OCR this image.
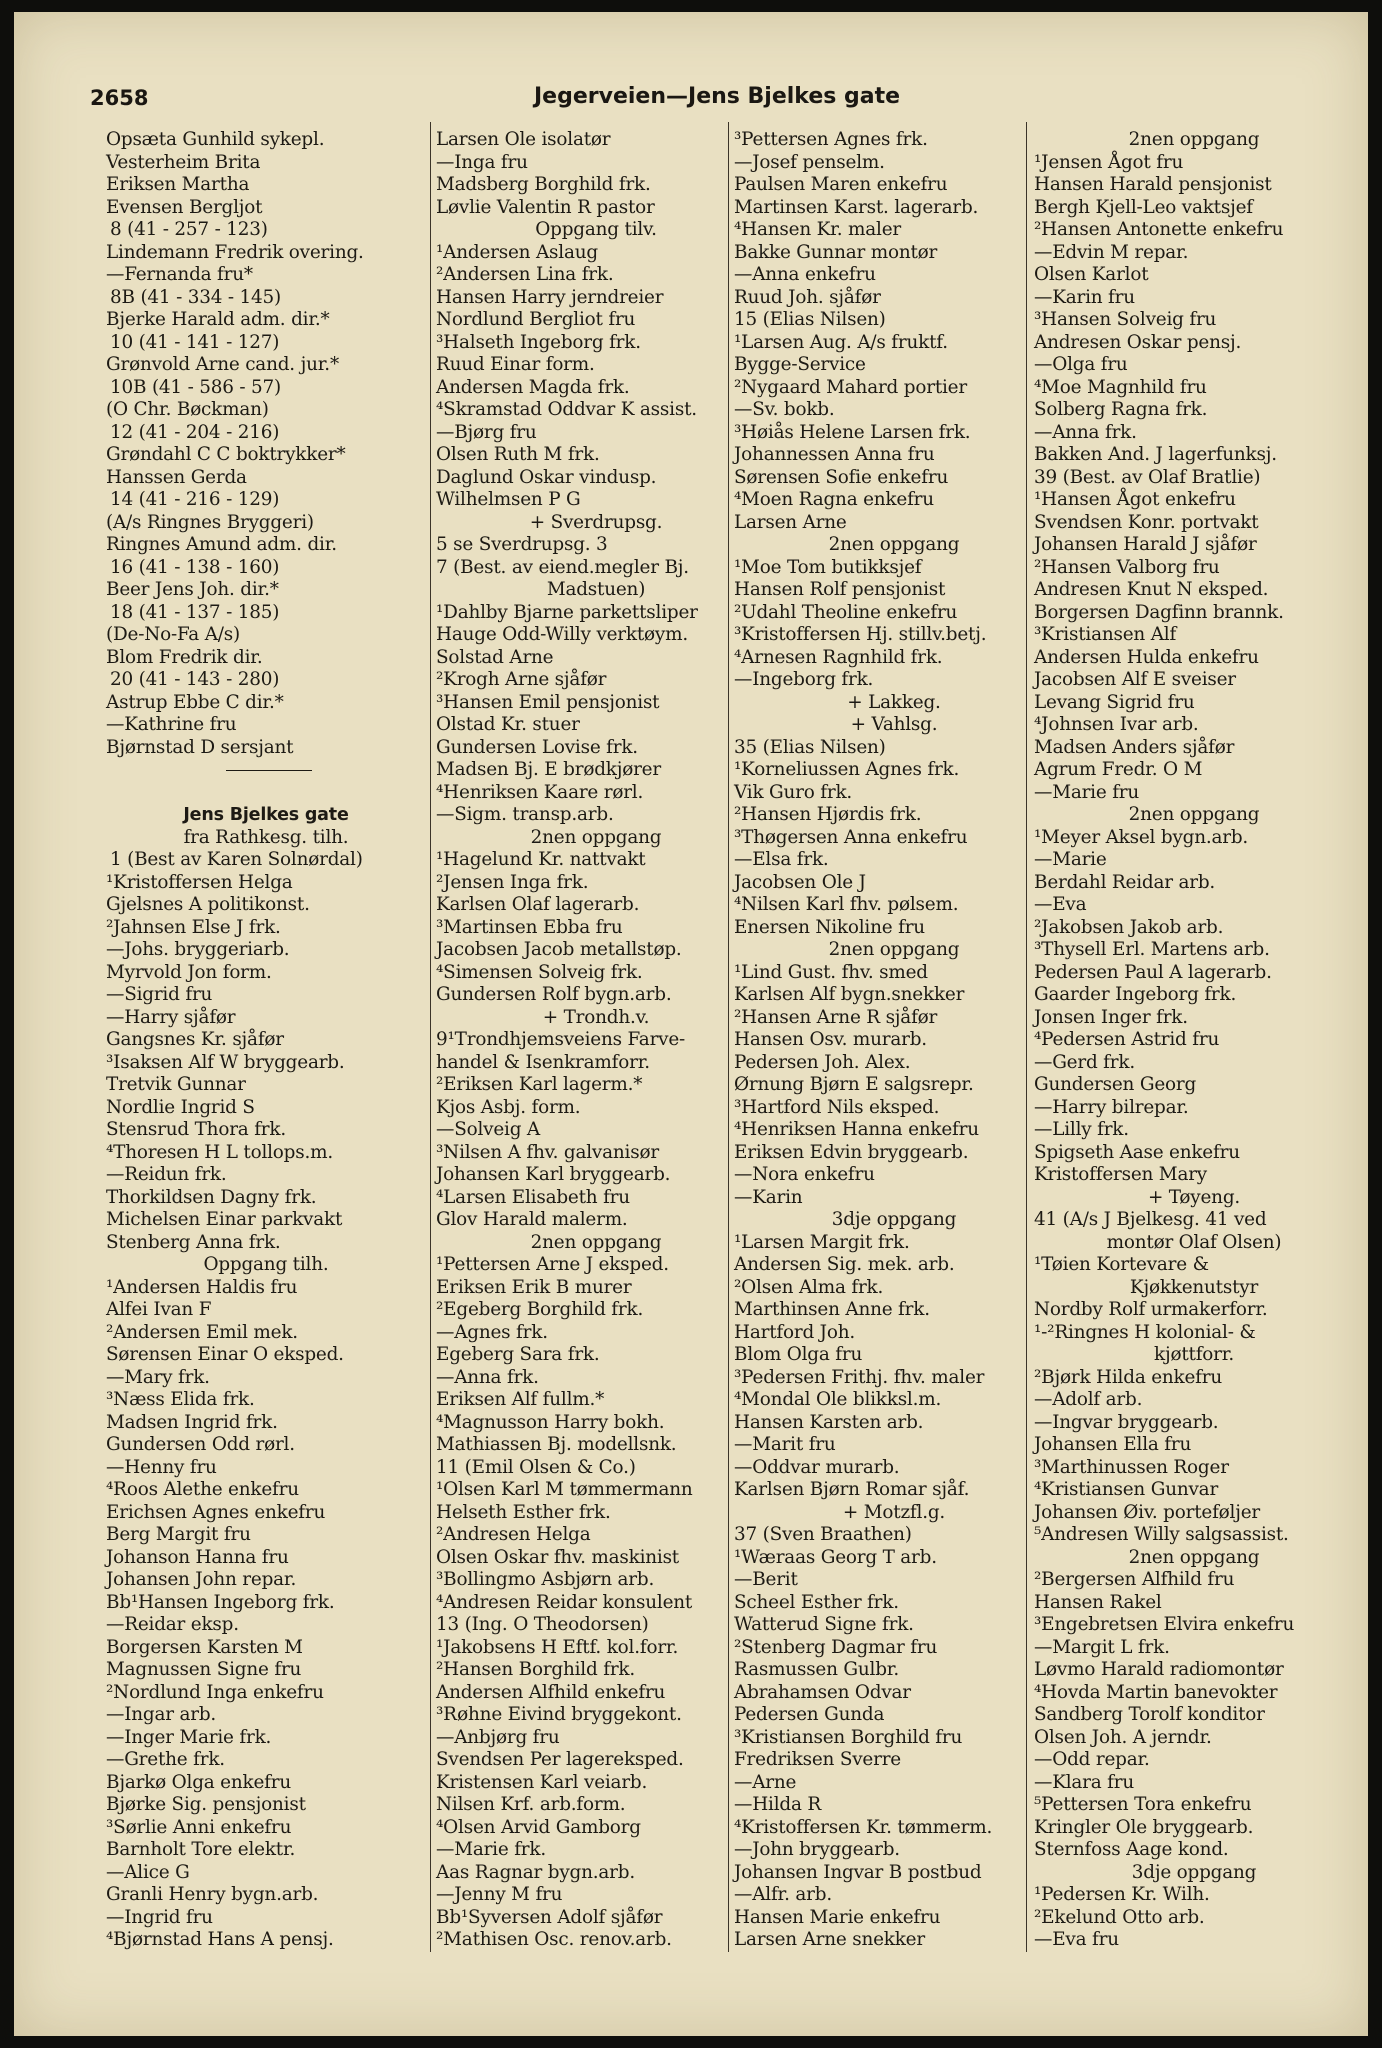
2658	Jegerveien—Jens Bjelkes gate
Opsæta Gunhild sykepl.
Vesterheim Brita
Eriksen Martha
Evensen Bergljot
8 (41 - 257 - 123)
Lindemann Fredrik overing.
—Fernanda fru*
8B (41 - 334 - 145)
Bjerke Harald adm. dir.*
10 (41 - 141 - 127)
Grønvold Arne cand. jur.*
10B (41 - 586 - 57)
(O Chr. Bøckman)
12 (41 - 204 - 216)
Grøndahl C C boktrykker*
Hanssen Gerda
14 (41 - 216 - 129)
(A/s Ringnes Bryggeri)
Ringnes Amund adm. dir.
16 (41 - 138 - 160)
Beer Jens Joh. dir.*
18 (41 - 137 - 185)
(De-No-Fa A/s)
Blom Fredrik dir.
20 (41 - 143 - 280)
Astrup Ebbe C dir.*
—Kathrine fru
Bjørnstad D sersjant
Jens Bjelkes gate
fra Rathkesg. tilh.
1 (Best av Karen Solnørdal)
¹Kristoffersen Helga
Gjelsnes A politikonst.
²Jahnsen Else J frk.
—Johs. bryggeriarb.
Myrvold Jon form.
—Sigrid fru
—Harry sjåfør
Gangsnes Kr. sjåfør
³Isaksen Alf W bryggearb.
Tretvik Gunnar
Nordlie Ingrid S
Stensrud Thora frk.
⁴Thoresen H L tollops.m.
—Reidun frk.
Thorkildsen Dagny frk.
Michelsen Einar parkvakt
Stenberg Anna frk.
Oppgang tilh.
¹Andersen Haldis fru
Alfei Ivan F
²Andersen Emil mek.
Sørensen Einar O eksped.
—Mary frk.
³Næss Elida frk.
Madsen Ingrid frk.
Gundersen Odd rørl.
—Henny fru
⁴Roos Alethe enkefru
Erichsen Agnes enkefru
Berg Margit fru
Johanson Hanna fru
Johansen John repar.
Bb¹Hansen Ingeborg frk.
—Reidar eksp.
Borgersen Karsten M
Magnussen Signe fru
²Nordlund Inga enkefru
—Ingar arb.
—Inger Marie frk.
—Grethe frk.
Bjarkø Olga enkefru
Bjørke Sig. pensjonist
³Sørlie Anni enkefru
Barnholt Tore elektr.
—Alice G
Granli Henry bygn.arb.
—Ingrid fru
⁴Bjørnstad Hans A pensj.
Larsen Ole isolatør
—Inga fru
Madsberg Borghild frk.
Løvlie Valentin R pastor
Oppgang tilv.
¹Andersen Aslaug
²Andersen Lina frk.
Hansen Harry jerndreier
Nordlund Bergliot fru
³Halseth Ingeborg frk.
Ruud Einar form.
Andersen Magda frk.
⁴Skramstad Oddvar K assist.
—Bjørg fru
Olsen Ruth M frk.
Daglund Oskar vindusp.
Wilhelmsen P G
+ Sverdrupsg.
5 se Sverdrupsg. 3
7 (Best. av eiend.megler Bj.
Madstuen)
¹Dahlby Bjarne parkettsliper
Hauge Odd-Willy verktøym.
Solstad Arne
²Krogh Arne sjåfør
³Hansen Emil pensjonist
Olstad Kr. stuer
Gundersen Lovise frk.
Madsen Bj. E brødkjører
⁴Henriksen Kaare rørl.
—Sigm. transp.arb.
2nen oppgang
¹Hagelund Kr. nattvakt
²Jensen Inga frk.
Karlsen Olaf lagerarb.
³Martinsen Ebba fru
Jacobsen Jacob metallstøp.
⁴Simensen Solveig frk.
Gundersen Rolf bygn.arb.
+ Trondh.v.
9¹Trondhjemsveiens Farve-
handel & Isenkramforr.
²Eriksen Karl lagerm.*
Kjos Asbj. form.
—Solveig A
³Nilsen A fhv. galvanisør
Johansen Karl bryggearb.
⁴Larsen Elisabeth fru
Glov Harald malerm.
2nen oppgang
¹Pettersen Arne J eksped.
Eriksen Erik B murer
²Egeberg Borghild frk.
—Agnes frk.
Egeberg Sara frk.
—Anna frk.
Eriksen Alf fullm.*
⁴Magnusson Harry bokh.
Mathiassen Bj. modellsnk.
11 (Emil Olsen & Co.)
¹Olsen Karl M tømmermann
Helseth Esther frk.
²Andresen Helga
Olsen Oskar fhv. maskinist
³Bollingmo Asbjørn arb.
⁴Andresen Reidar konsulent
13 (Ing. O Theodorsen)
¹Jakobsens H Eftf. kol.forr.
²Hansen Borghild frk.
Andersen Alfhild enkefru
³Røhne Eivind bryggekont.
—Anbjørg fru
Svendsen Per lagereksped.
Kristensen Karl veiarb.
Nilsen Krf. arb.form.
⁴Olsen Arvid Gamborg
—Marie frk.
Aas Ragnar bygn.arb.
—Jenny M fru
Bb¹Syversen Adolf sjåfør
²Mathisen Osc. renov.arb.
³Pettersen Agnes frk.
—Josef penselm.
Paulsen Maren enkefru
Martinsen Karst. lagerarb.
⁴Hansen Kr. maler
Bakke Gunnar montør
—Anna enkefru
Ruud Joh. sjåfør
15 (Elias Nilsen)
¹Larsen Aug. A/s fruktf.
Bygge-Service
²Nygaard Mahard portier
—Sv. bokb.
³Høiås Helene Larsen frk.
Johannessen Anna fru
Sørensen Sofie enkefru
⁴Moen Ragna enkefru
Larsen Arne
2nen oppgang
¹Moe Tom butikksjef
Hansen Rolf pensjonist
²Udahl Theoline enkefru
³Kristoffersen Hj. stillv.betj.
⁴Arnesen Ragnhild frk.
—Ingeborg frk.
+ Lakkeg.
+ Vahlsg.
35 (Elias Nilsen)
¹Korneliussen Agnes frk.
Vik Guro frk.
²Hansen Hjørdis frk.
³Thøgersen Anna enkefru
—Elsa frk.
Jacobsen Ole J
⁴Nilsen Karl fhv. pølsem.
Enersen Nikoline fru
2nen oppgang
¹Lind Gust. fhv. smed
Karlsen Alf bygn.snekker
²Hansen Arne R sjåfør
Hansen Osv. murarb.
Pedersen Joh. Alex.
Ørnung Bjørn E salgsrepr.
³Hartford Nils eksped.
⁴Henriksen Hanna enkefru
Eriksen Edvin bryggearb.
—Nora enkefru
—Karin
3dje oppgang
¹Larsen Margit frk.
Andersen Sig. mek. arb.
²Olsen Alma frk.
Marthinsen Anne frk.
Hartford Joh.
Blom Olga fru
³Pedersen Frithj. fhv. maler
⁴Mondal Ole blikksl.m.
Hansen Karsten arb.
—Marit fru
—Oddvar murarb.
Karlsen Bjørn Romar sjåf.
+ Motzfl.g.
37 (Sven Braathen)
¹Wæraas Georg T arb.
—Berit
Scheel Esther frk.
Watterud Signe frk.
²Stenberg Dagmar fru
Rasmussen Gulbr.
Abrahamsen Odvar
Pedersen Gunda
³Kristiansen Borghild fru
Fredriksen Sverre
—Arne
—Hilda R
⁴Kristoffersen Kr. tømmerm.
—John bryggearb.
Johansen Ingvar B postbud
—Alfr. arb.
Hansen Marie enkefru
Larsen Arne snekker
2nen oppgang
¹Jensen Ågot fru
Hansen Harald pensjonist
Bergh Kjell-Leo vaktsjef
²Hansen Antonette enkefru
—Edvin M repar.
Olsen Karlot
—Karin fru
³Hansen Solveig fru
Andresen Oskar pensj.
—Olga fru
⁴Moe Magnhild fru
Solberg Ragna frk.
—Anna frk.
Bakken And. J lagerfunksj.
39 (Best. av Olaf Bratlie)
¹Hansen Ågot enkefru
Svendsen Konr. portvakt
Johansen Harald J sjåfør
²Hansen Valborg fru
Andresen Knut N eksped.
Borgersen Dagfinn brannk.
³Kristiansen Alf
Andersen Hulda enkefru
Jacobsen Alf E sveiser
Levang Sigrid fru
⁴Johnsen Ivar arb.
Madsen Anders sjåfør
Agrum Fredr. O M
—Marie fru
2nen oppgang
¹Meyer Aksel bygn.arb.
—Marie
Berdahl Reidar arb.
—Eva
²Jakobsen Jakob arb.
³Thysell Erl. Martens arb.
Pedersen Paul A lagerarb.
Gaarder Ingeborg frk.
Jonsen Inger frk.
⁴Pedersen Astrid fru
—Gerd frk.
Gundersen Georg
—Harry bilrepar.
—Lilly frk.
Spigseth Aase enkefru
Kristoffersen Mary
+ Tøyeng.
41 (A/s J Bjelkesg. 41 ved
montør Olaf Olsen)
¹Tøien Kortevare &
Kjøkkenutstyr
Nordby Rolf urmakerforr.
¹-²Ringnes H kolonial- &
kjøttforr.
²Bjørk Hilda enkefru
—Adolf arb.
—Ingvar bryggearb.
Johansen Ella fru
³Marthinussen Roger
⁴Kristiansen Gunvar
Johansen Øiv. porteføljer
⁵Andresen Willy salgsassist.
2nen oppgang
²Bergersen Alfhild fru
Hansen Rakel
³Engebretsen Elvira enkefru
—Margit L frk.
Løvmo Harald radiomontør
⁴Hovda Martin banevokter
Sandberg Torolf konditor
Olsen Joh. A jerndr.
—Odd repar.
—Klara fru
⁵Pettersen Tora enkefru
Kringler Ole bryggearb.
Sternfoss Aage kond.
3dje oppgang
¹Pedersen Kr. Wilh.
²Ekelund Otto arb.
—Eva fru
